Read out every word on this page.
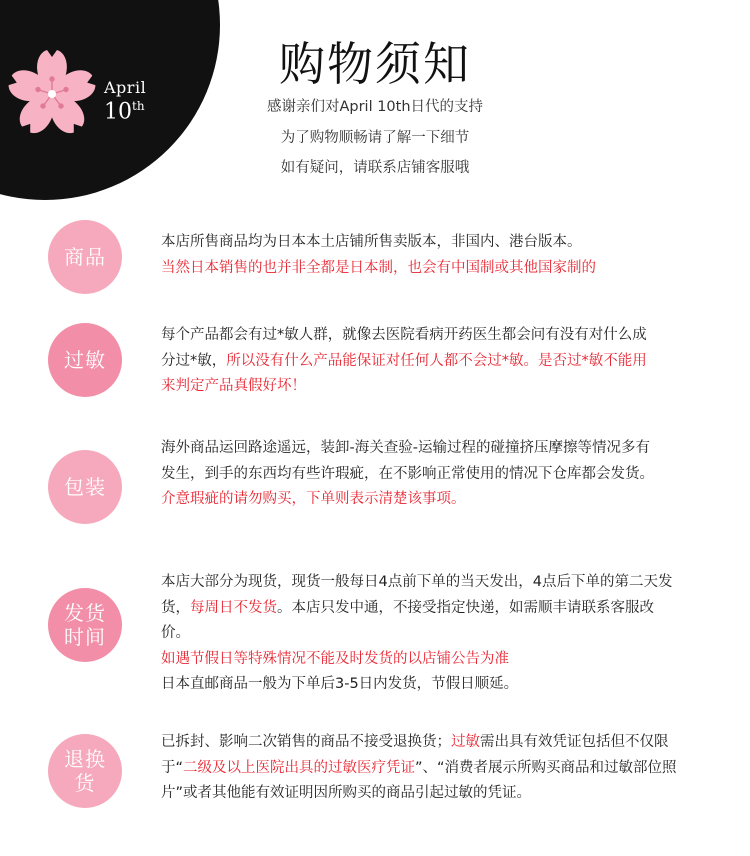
April
10th
购物须知
感谢亲们对April 10th日代的支持
为了购物顺畅请了解一下细节
如有疑问，请联系店铺客服哦
商品
本店所售商品均为日本本土店铺所售卖版本，非国内、港台版本。
当然日本销售的也并非全都是日本制，也会有中国制或其他国家制的
过敏
每个产品都会有过*敏人群，就像去医院看病开药医生都会问有没有对什么成分过*敏，所以没有什么产品能保证对任何人都不会过*敏。是否过*敏不能用来判定产品真假好坏！
包装
海外商品运回路途遥远，装卸-海关查验-运输过程的碰撞挤压摩擦等情况多有发生，到手的东西均有些许瑕疵，在不影响正常使用的情况下仓库都会发货。介意瑕疵的请勿购买，下单则表示清楚该事项。
发货
时间
本店大部分为现货，现货一般每日4点前下单的当天发出，4点后下单的第二天发货，每周日不发货。本店只发中通，不接受指定快递，如需顺丰请联系客服改价。
如遇节假日等特殊情况不能及时发货的以店铺公告为准
日本直邮商品一般为下单后3-5日内发货，节假日顺延。
退换
货
已拆封、影响二次销售的商品不接受退换货；过敏需出具有效凭证包括但不仅限于“二级及以上医院出具的过敏医疗凭证”、“消费者展示所购买商品和过敏部位照片”或者其他能有效证明因所购买的商品引起过敏的凭证。
